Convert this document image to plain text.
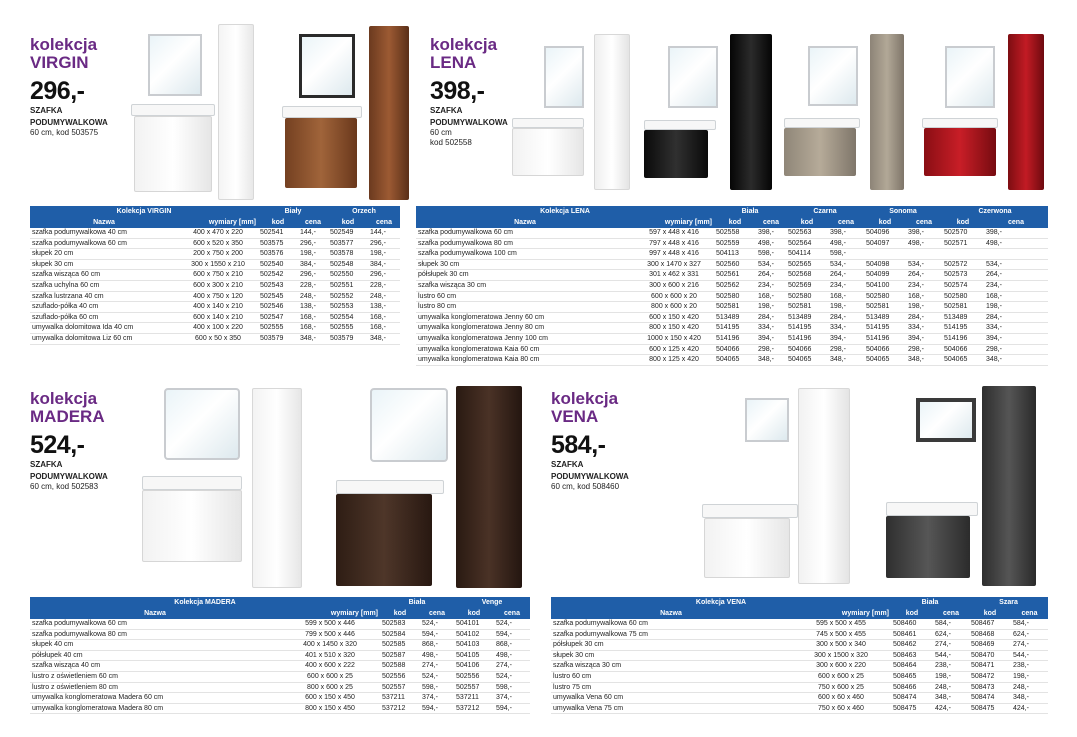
kolekcja
VIRGIN
296,-
SZAFKA
PODUMYWALKOWA
60 cm, kod 503575
kolekcja
LENA
398,-
SZAFKA
PODUMYWALKOWA
60 cm
kod 502558
kolekcja
MADERA
524,-
SZAFKA
PODUMYWALKOWA
60 cm, kod 502583
kolekcja
VENA
584,-
SZAFKA
PODUMYWALKOWA
60 cm, kod 508460
Kolekcja VIRGIN		Biały		Orzech	
Nazwa	wymiary [mm]	kod	cena	kod	cena
szafka podumywalkowa 40 cm	400 x 470 x 220	502541	144,-	502549	144,-
szafka podumywalkowa 60 cm	600 x 520 x 350	503575	296,-	503577	296,-
słupek 20 cm	200 x 750 x 200	503576	198,-	503578	198,-
słupek 30 cm	300 x 1550 x 210	502540	384,-	502548	384,-
szafka wisząca 60 cm	600 x 750 x 210	502542	296,-	502550	296,-
szafka uchylna 60 cm	600 x 300 x 210	502543	228,-	502551	228,-
szafka lustrzana 40 cm	400 x 750 x 120	502545	248,-	502552	248,-
szuflado-półka 40 cm	400 x 140 x 210	502546	138,-	502553	138,-
szuflado-półka 60 cm	600 x 140 x 210	502547	168,-	502554	168,-
umywalka dolomitowa Ida 40 cm	400 x 100 x 220	502555	168,-	502555	168,-
umywalka dolomitowa Liz 60 cm	600 x 50 x 350	503579	348,-	503579	348,-
Kolekcja LENA		Biała		Czarna		Sonoma		Czerwona	
Nazwa	wymiary [mm]	kod	cena	kod	cena	kod	cena	kod	cena
szafka podumywalkowa 60 cm	597 x 448 x 416	502558	398,-	502563	398,-	504096	398,-	502570	398,-
szafka podumywalkowa 80 cm	797 x 448 x 416	502559	498,-	502564	498,-	504097	498,-	502571	498,-
szafka podumywalkowa 100 cm	997 x 448 x 416	504113	598,-	504114	598,-				
słupek 30 cm	300 x 1470 x 327	502560	534,-	502565	534,-	504098	534,-	502572	534,-
półsłupek 30 cm	301 x 462 x 331	502561	264,-	502568	264,-	504099	264,-	502573	264,-
szafka wisząca 30 cm	300 x 600 x 216	502562	234,-	502569	234,-	504100	234,-	502574	234,-
lustro 60 cm	600 x 600 x 20	502580	168,-	502580	168,-	502580	168,-	502580	168,-
lustro 80 cm	800 x 600 x 20	502581	198,-	502581	198,-	502581	198,-	502581	198,-
umywalka konglomeratowa Jenny 60 cm	600 x 150 x 420	513489	284,-	513489	284,-	513489	284,-	513489	284,-
umywalka konglomeratowa Jenny 80 cm	800 x 150 x 420	514195	334,-	514195	334,-	514195	334,-	514195	334,-
umywalka konglomeratowa Jenny 100 cm	1000 x 150 x 420	514196	394,-	514196	394,-	514196	394,-	514196	394,-
umywalka konglomeratowa Kaia 60 cm	600 x 125 x 420	504066	298,-	504066	298,-	504066	298,-	504066	298,-
umywalka konglomeratowa Kaia 80 cm	800 x 125 x 420	504065	348,-	504065	348,-	504065	348,-	504065	348,-
Kolekcja MADERA		Biała		Venge	
Nazwa	wymiary [mm]	kod	cena	kod	cena
szafka podumywalkowa 60 cm	599 x 500 x 446	502583	524,-	504101	524,-
szafka podumywalkowa 80 cm	799 x 500 x 446	502584	594,-	504102	594,-
słupek 40 cm	400 x 1450 x 320	502585	868,-	504103	868,-
półsłupek 40 cm	401 x 510 x 320	502587	498,-	504105	498,-
szafka wisząca 40 cm	400 x 600 x 222	502588	274,-	504106	274,-
lustro z oświetleniem 60 cm	600 x 600 x 25	502556	524,-	502556	524,-
lustro z oświetleniem 80 cm	800 x 600 x 25	502557	598,-	502557	598,-
umywalka konglomeratowa Madera 60 cm	600 x 150 x 450	537211	374,-	537211	374,-
umywalka konglomeratowa Madera 80 cm	800 x 150 x 450	537212	594,-	537212	594,-
Kolekcja VENA		Biała		Szara	
Nazwa	wymiary [mm]	kod	cena	kod	cena
szafka podumywalkowa 60 cm	595 x 500 x 455	508460	584,-	508467	584,-
szafka podumywalkowa 75 cm	745 x 500 x 455	508461	624,-	508468	624,-
półsłupek 30 cm	300 x 500 x 340	508462	274,-	508469	274,-
słupek 30 cm	300 x 1500 x 320	508463	544,-	508470	544,-
szafka wisząca 30 cm	300 x 600 x 220	508464	238,-	508471	238,-
lustro 60 cm	600 x 600 x 25	508465	198,-	508472	198,-
lustro 75 cm	750 x 600 x 25	508466	248,-	508473	248,-
umywalka Vena 60 cm	600 x 60 x 460	508474	348,-	508474	348,-
umywalka Vena 75 cm	750 x 60 x 460	508475	424,-	508475	424,-
